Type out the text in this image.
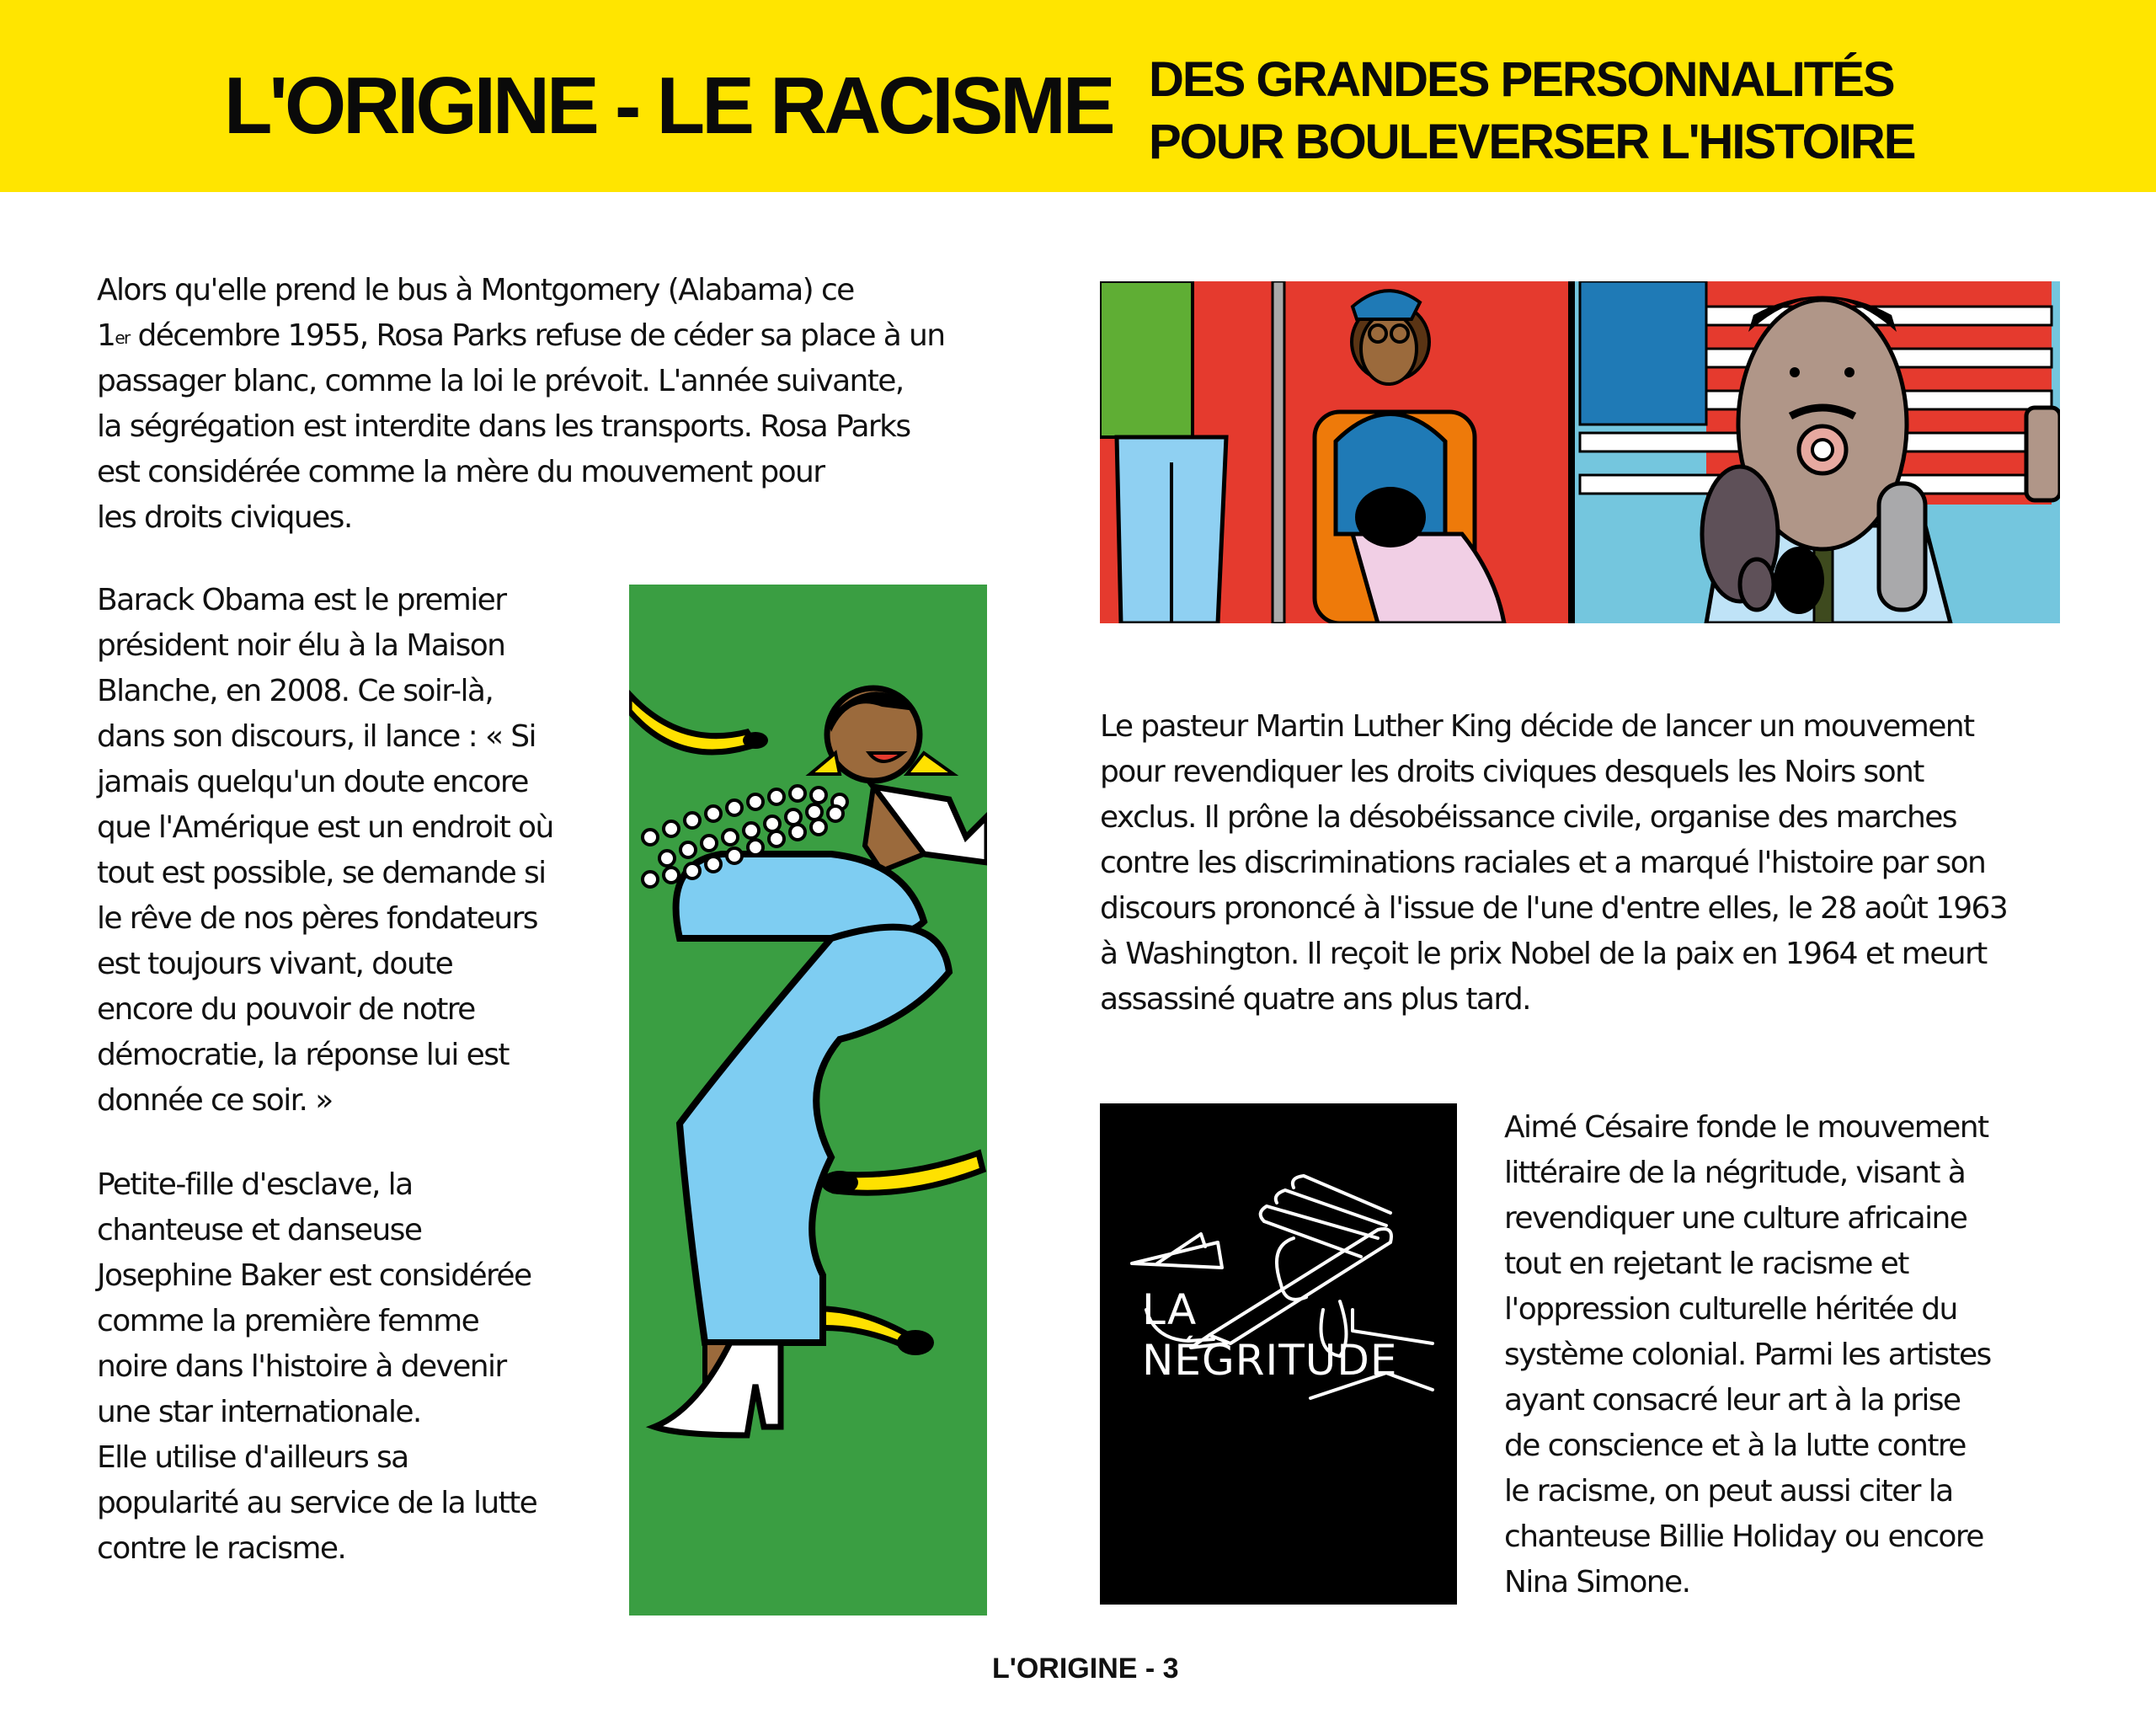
L'ORIGINE - LE RACISME DES GRANDES PERSONNALITÉS
POUR BOULEVERSER L'HISTOIRE
Alors qu'elle prend le bus à Montgomery (Alabama) ce
1er décembre 1955, Rosa Parks refuse de céder sa place à un
passager blanc, comme la loi le prévoit. L'année suivante,
la ségrégation est interdite dans les transports. Rosa Parks
est considérée comme la mère du mouvement pour
les droits civiques.
Barack Obama est le premier
président noir élu à la Maison
Blanche, en 2008. Ce soir-là,
dans son discours, il lance : « Si
jamais quelqu'un doute encore
que l'Amérique est un endroit où
tout est possible, se demande si
le rêve de nos pères fondateurs
est toujours vivant, doute
encore du pouvoir de notre
démocratie, la réponse lui est
donnée ce soir. »
Petite-fille d'esclave, la
chanteuse et danseuse
Josephine Baker est considérée
comme la première femme
noire dans l'histoire à devenir
une star internationale.
Elle utilise d'ailleurs sa
popularité au service de la lutte
contre le racisme.
Le pasteur Martin Luther King décide de lancer un mouvement
pour revendiquer les droits civiques desquels les Noirs sont
exclus. Il prône la désobéissance civile, organise des marches
contre les discriminations raciales et a marqué l'histoire par son
discours prononcé à l'issue de l'une d'entre elles, le 28 août 1963
à Washington. Il reçoit le prix Nobel de la paix en 1964 et meurt
assassiné quatre ans plus tard.
Aimé Césaire fonde le mouvement
littéraire de la négritude, visant à
revendiquer une culture africaine
tout en rejetant le racisme et
l'oppression culturelle héritée du
système colonial. Parmi les artistes
ayant consacré leur art à la prise
de conscience et à la lutte contre
le racisme, on peut aussi citer la
chanteuse Billie Holiday ou encore
Nina Simone.
LA
NÉGRITUDE
L'ORIGINE - 3
